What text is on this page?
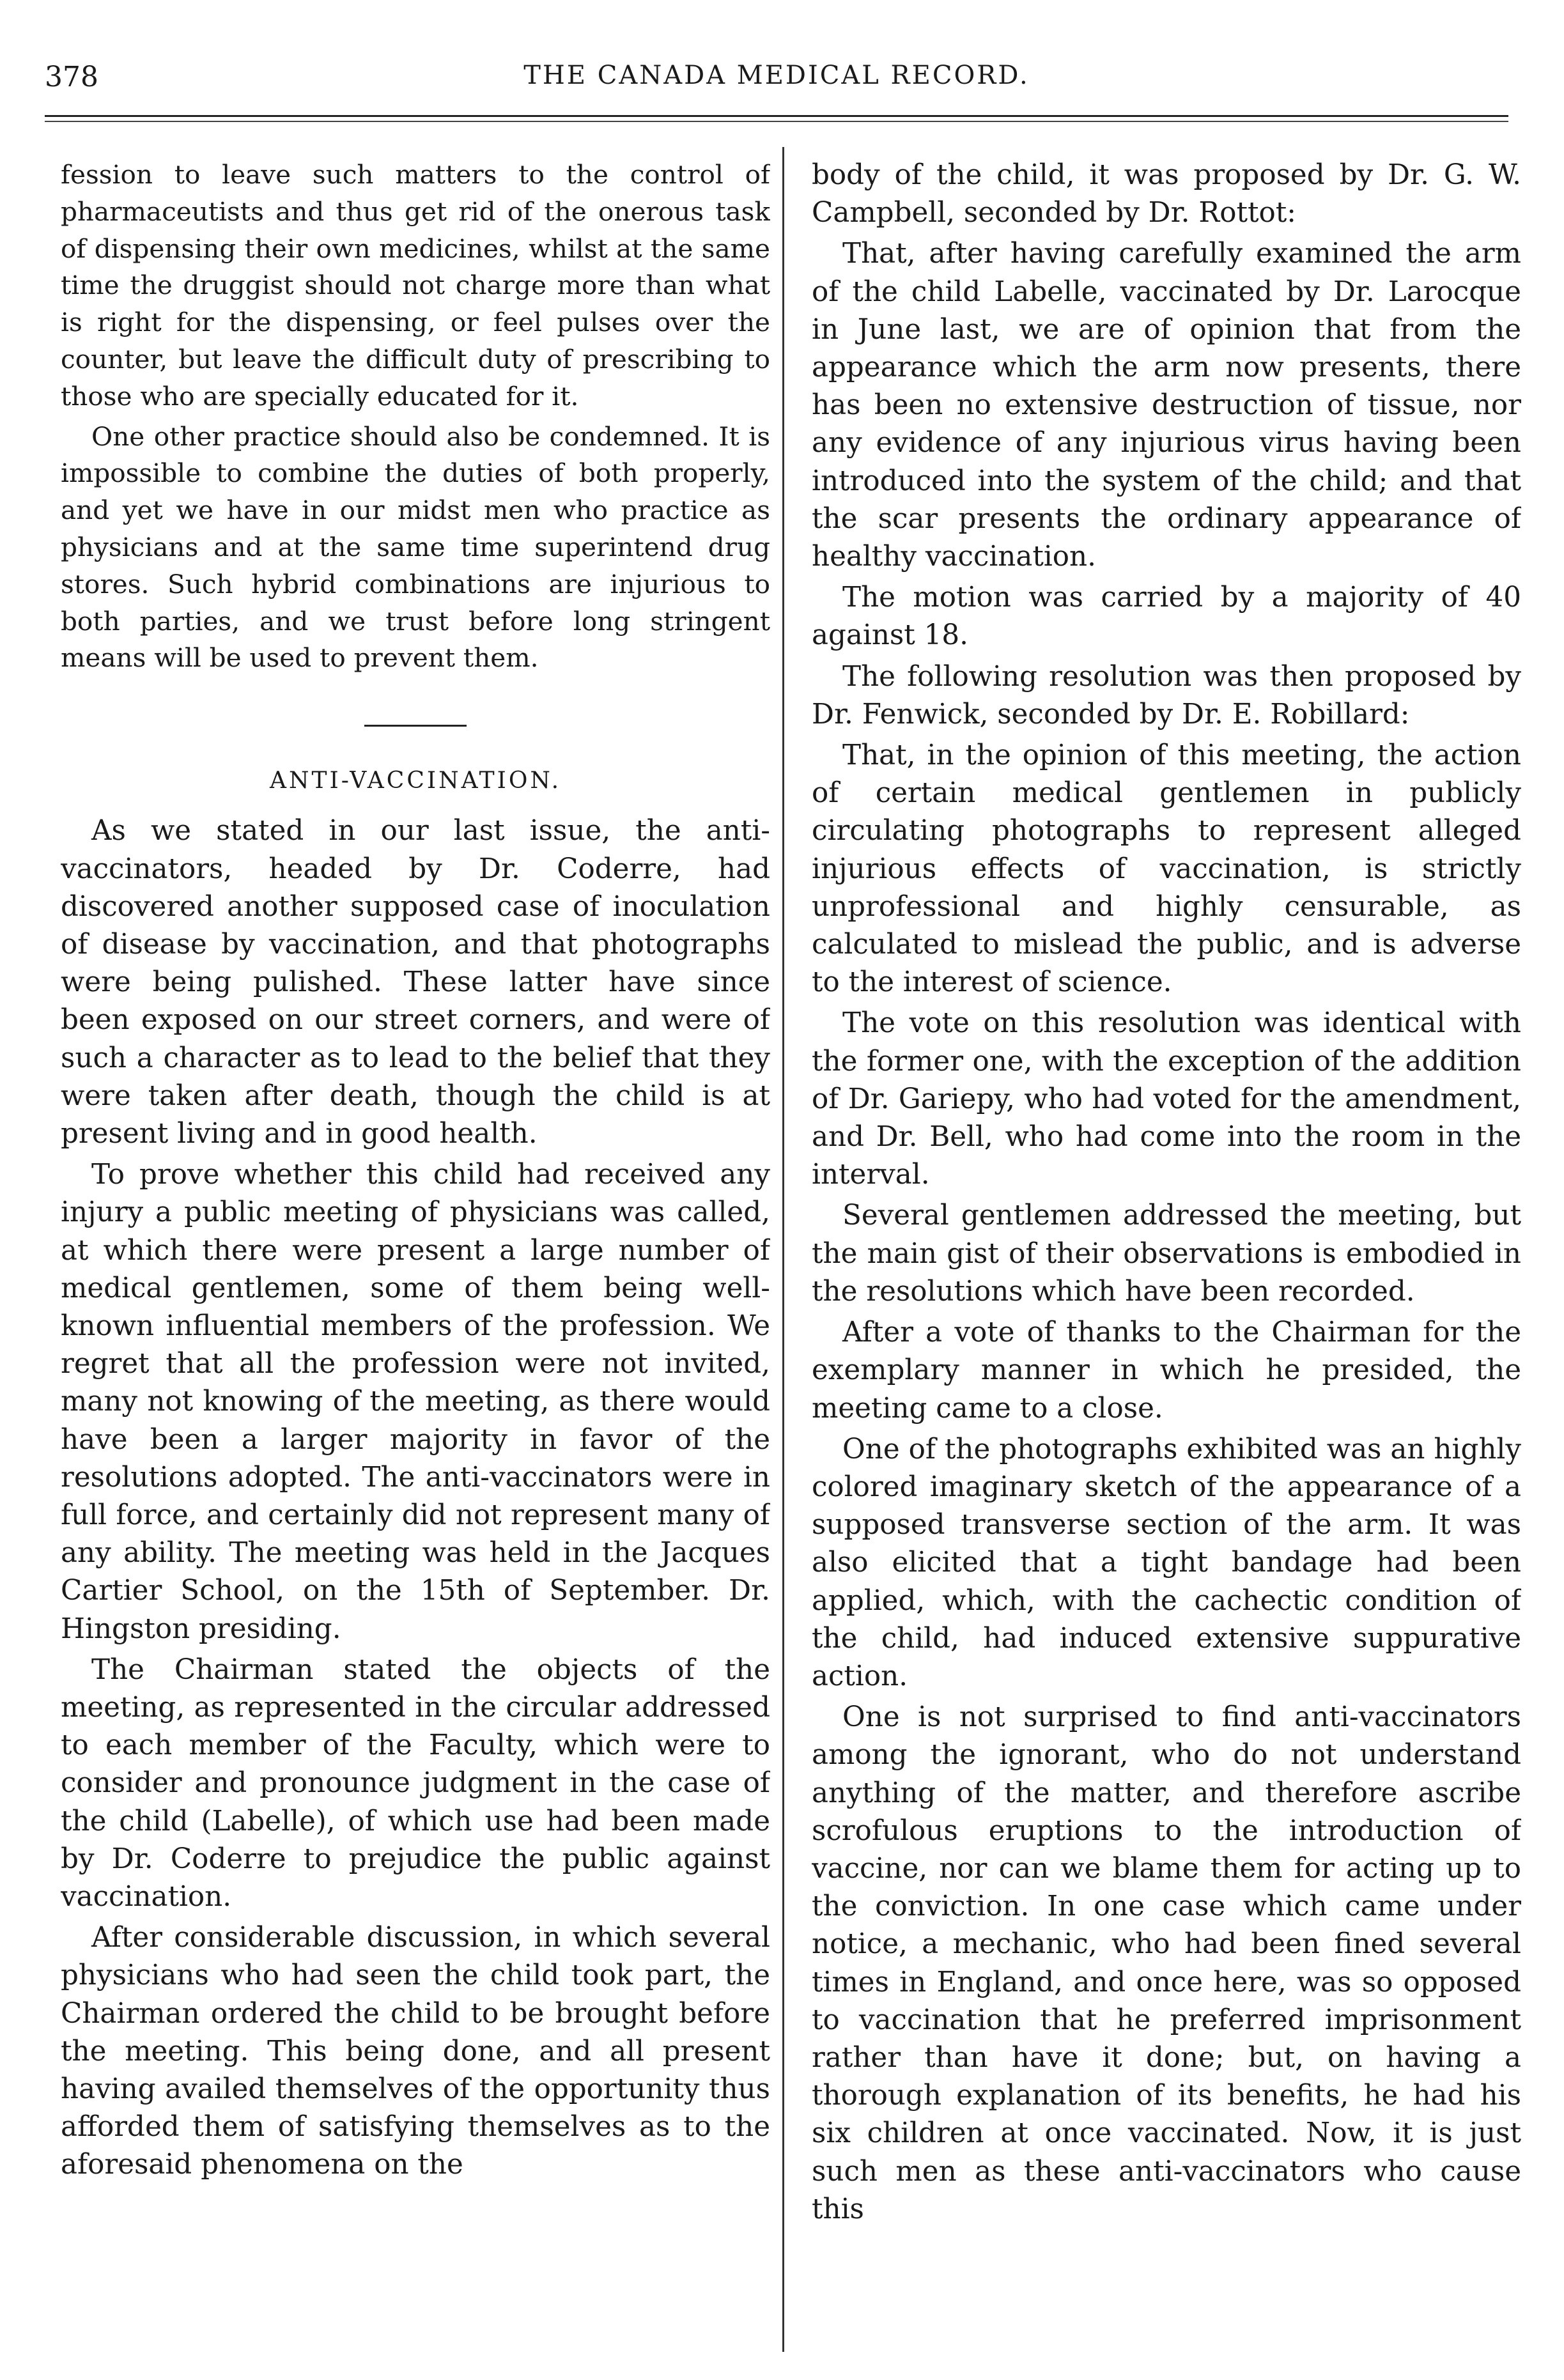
378	THE CANADA MEDICAL RECORD.

fession to leave such matters to the control of pharmaceutists and thus get rid of the onerous task of dispensing their own medicines, whilst at the same time the druggist should not charge more than what is right for the dispensing, or feel pulses over the counter, but leave the difficult duty of prescribing to those who are specially educated for it.

One other practice should also be condemned. It is impossible to combine the duties of both properly, and yet we have in our midst men who practice as physicians and at the same time superintend drug stores. Such hybrid combinations are injurious to both parties, and we trust before long stringent means will be used to prevent them.

ANTI-VACCINATION.

As we stated in our last issue, the anti-vaccinators, headed by Dr. Coderre, had discovered another supposed case of inoculation of disease by vaccination, and that photographs were being pulished. These latter have since been exposed on our street corners, and were of such a character as to lead to the belief that they were taken after death, though the child is at present living and in good health.

To prove whether this child had received any injury a public meeting of physicians was called, at which there were present a large number of medical gentlemen, some of them being well-known influential members of the profession. We regret that all the profession were not invited, many not knowing of the meeting, as there would have been a larger majority in favor of the resolutions adopted. The anti-vaccinators were in full force, and certainly did not represent many of any ability. The meeting was held in the Jacques Cartier School, on the 15th of September. Dr. Hingston presiding.

The Chairman stated the objects of the meeting, as represented in the circular addressed to each member of the Faculty, which were to consider and pronounce judgment in the case of the child (Labelle), of which use had been made by Dr. Coderre to prejudice the public against vaccination.

After considerable discussion, in which several physicians who had seen the child took part, the Chairman ordered the child to be brought before the meeting. This being done, and all present having availed themselves of the opportunity thus afforded them of satisfying themselves as to the aforesaid phenomena on the

body of the child, it was proposed by Dr. G. W. Campbell, seconded by Dr. Rottot:

That, after having carefully examined the arm of the child Labelle, vaccinated by Dr. Larocque in June last, we are of opinion that from the appearance which the arm now presents, there has been no extensive destruction of tissue, nor any evidence of any injurious virus having been introduced into the system of the child; and that the scar presents the ordinary appearance of healthy vaccination.

The motion was carried by a majority of 40 against 18.

The following resolution was then proposed by Dr. Fenwick, seconded by Dr. E. Robillard:

That, in the opinion of this meeting, the action of certain medical gentlemen in publicly circulating photographs to represent alleged injurious effects of vaccination, is strictly unprofessional and highly censurable, as calculated to mislead the public, and is adverse to the interest of science.

The vote on this resolution was identical with the former one, with the exception of the addition of Dr. Gariepy, who had voted for the amendment, and Dr. Bell, who had come into the room in the interval.

Several gentlemen addressed the meeting, but the main gist of their observations is embodied in the resolutions which have been recorded.

After a vote of thanks to the Chairman for the exemplary manner in which he presided, the meeting came to a close.

One of the photographs exhibited was an highly colored imaginary sketch of the appearance of a supposed transverse section of the arm. It was also elicited that a tight bandage had been applied, which, with the cachectic condition of the child, had induced extensive suppurative action.

One is not surprised to find anti-vaccinators among the ignorant, who do not understand anything of the matter, and therefore ascribe scrofulous eruptions to the introduction of vaccine, nor can we blame them for acting up to the conviction. In one case which came under notice, a mechanic, who had been fined several times in England, and once here, was so opposed to vaccination that he preferred imprisonment rather than have it done; but, on having a thorough explanation of its benefits, he had his six children at once vaccinated. Now, it is just such men as these anti-vaccinators who cause this
